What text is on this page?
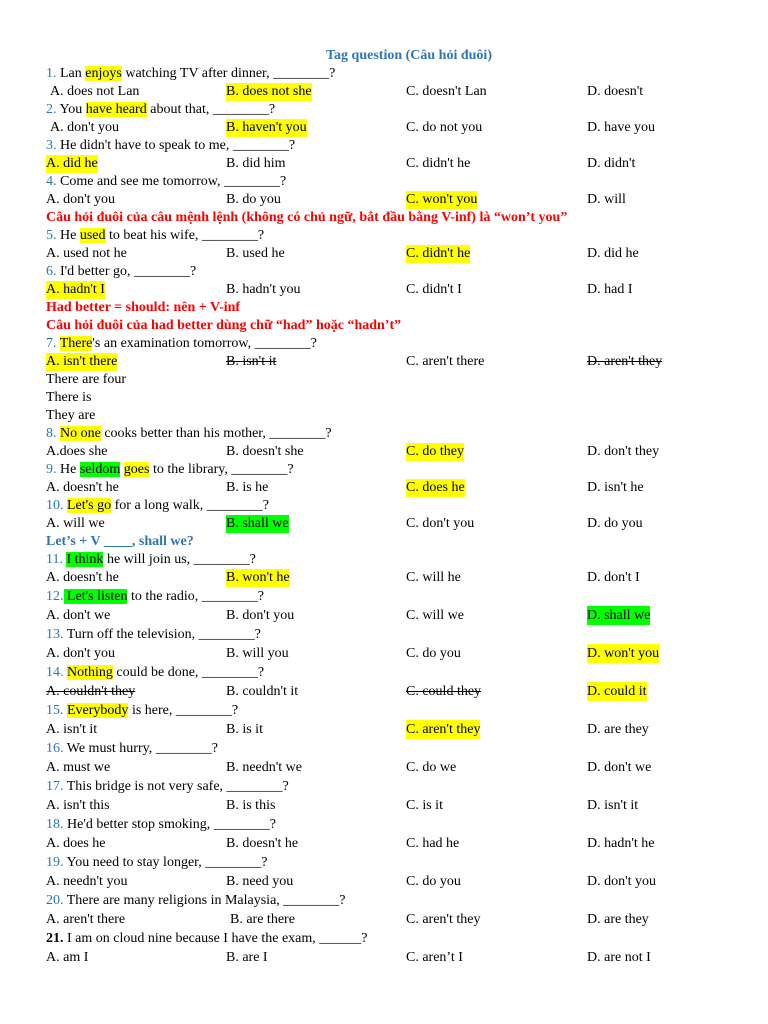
Tag question (Câu hỏi đuôi)
1. Lan enjoys watching TV after dinner, ________?
A. does not Lan	B. does not she	C. doesn't Lan	D. doesn't
2. You have heard about that, ________?
A. don't you	B. haven't you	C. do not you	D. have you
3. He didn't have to speak to me, ________?
A. did he	B. did him	C. didn't he	D. didn't
4. Come and see me tomorrow, ________?
A. don't you	B. do you	C. won't you	D. will
Câu hỏi đuôi của câu mệnh lệnh (không có chủ ngữ, bắt đầu bằng V-inf) là “won’t you”
5. He used to beat his wife, ________?
A. used not he	B. used he	C. didn't he	D. did he
6. I'd better go, ________?
A. hadn't I	B. hadn't you	C. didn't I	D. had I
Had better = should: nên + V-inf
Câu hỏi đuôi của had better dùng chữ “had” hoặc “hadn’t”
7. There's an examination tomorrow, ________?
A. isn't there	B. isn't it	C. aren't there	D. aren't they
There are four
There is
They are
8. No one cooks better than his mother, ________?
A.does she	B. doesn't she	C. do they	D. don't they
9. He seldom goes to the library, ________?
A. doesn't he	B. is he	C. does he	D. isn't he
10. Let's go for a long walk, ________?
A. will we	B. shall we	C. don't you	D. do you
Let’s + V ____, shall we?
11. I think he will join us, ________?
A. doesn't he	B. won't he	C. will he	D. don't I
12. Let's listen to the radio, ________?
A. don't we	B. don't you	C. will we	D. shall we
13. Turn off the television, ________?
A. don't you	B. will you	C. do you	D. won't you
14. Nothing could be done, ________?
A. couldn't they	B. couldn't it	C. could they	D. could it
15. Everybody is here, ________?
A. isn't it	B. is it	C. aren't they	D. are they
16. We must hurry, ________?
A. must we	B. needn't we	C. do we	D. don't we
17. This bridge is not very safe, ________?
A. isn't this	B. is this	C. is it	D. isn't it
18. He'd better stop smoking, ________?
A. does he	B. doesn't he	C. had he	D. hadn't he
19. You need to stay longer, ________?
A. needn't you	B. need you	C. do you	D. don't you
20. There are many religions in Malaysia, ________?
A. aren't there	B. are there	C. aren't they	D. are they
21. I am on cloud nine because I have the exam, ______?
A. am I	B. are I	C. aren’t I	D. are not I
